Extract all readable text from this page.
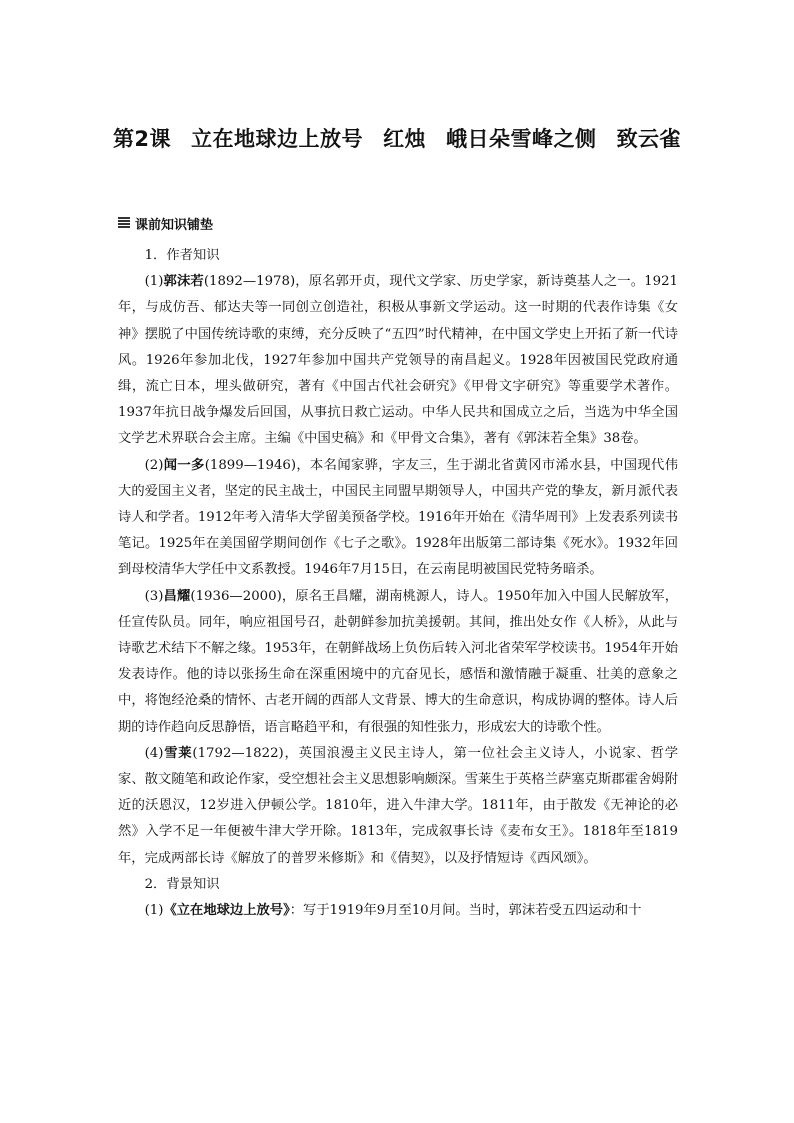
第2课 立在地球边上放号 红烛 峨日朵雪峰之侧 致云雀
课前知识铺垫

1．作者知识

(1)郭沫若(1892—1978)，原名郭开贞，现代文学家、历史学家，新诗奠基人之一。1921年，与成仿吾、郁达夫等一同创立创造社，积极从事新文学运动。这一时期的代表作诗集《女神》摆脱了中国传统诗歌的束缚，充分反映了“五四”时代精神，在中国文学史上开拓了新一代诗风。1926年参加北伐，1927年参加中国共产党领导的南昌起义。1928年因被国民党政府通缉，流亡日本，埋头做研究，著有《中国古代社会研究》《甲骨文字研究》等重要学术著作。1937年抗日战争爆发后回国，从事抗日救亡运动。中华人民共和国成立之后，当选为中华全国文学艺术界联合会主席。主编《中国史稿》和《甲骨文合集》，著有《郭沫若全集》38卷。

(2)闻一多(1899—1946)，本名闻家骅，字友三，生于湖北省黄冈市浠水县，中国现代伟大的爱国主义者，坚定的民主战士，中国民主同盟早期领导人，中国共产党的挚友，新月派代表诗人和学者。1912年考入清华大学留美预备学校。1916年开始在《清华周刊》上发表系列读书笔记。1925年在美国留学期间创作《七子之歌》。1928年出版第二部诗集《死水》。1932年回到母校清华大学任中文系教授。1946年7月15日，在云南昆明被国民党特务暗杀。

(3)昌耀(1936—2000)，原名王昌耀，湖南桃源人，诗人。1950年加入中国人民解放军，任宣传队员。同年，响应祖国号召，赴朝鲜参加抗美援朝。其间，推出处女作《人桥》，从此与诗歌艺术结下不解之缘。1953年，在朝鲜战场上负伤后转入河北省荣军学校读书。1954年开始发表诗作。他的诗以张扬生命在深重困境中的亢奋见长，感悟和激情融于凝重、壮美的意象之中，将饱经沧桑的情怀、古老开阔的西部人文背景、博大的生命意识，构成协调的整体。诗人后期的诗作趋向反思静悟，语言略趋平和，有很强的知性张力，形成宏大的诗歌个性。

(4)雪莱(1792—1822)，英国浪漫主义民主诗人，第一位社会主义诗人，小说家、哲学家、散文随笔和政论作家，受空想社会主义思想影响颇深。雪莱生于英格兰萨塞克斯郡霍舍姆附近的沃恩汉，12岁进入伊顿公学。1810年，进入牛津大学。1811年，由于散发《无神论的必然》入学不足一年便被牛津大学开除。1813年，完成叙事长诗《麦布女王》。1818年至1819年，完成两部长诗《解放了的普罗米修斯》和《倩契》，以及抒情短诗《西风颂》。

2．背景知识

(1)《立在地球边上放号》：写于1919年9月至10月间。当时，郭沫若受五四运动和十
